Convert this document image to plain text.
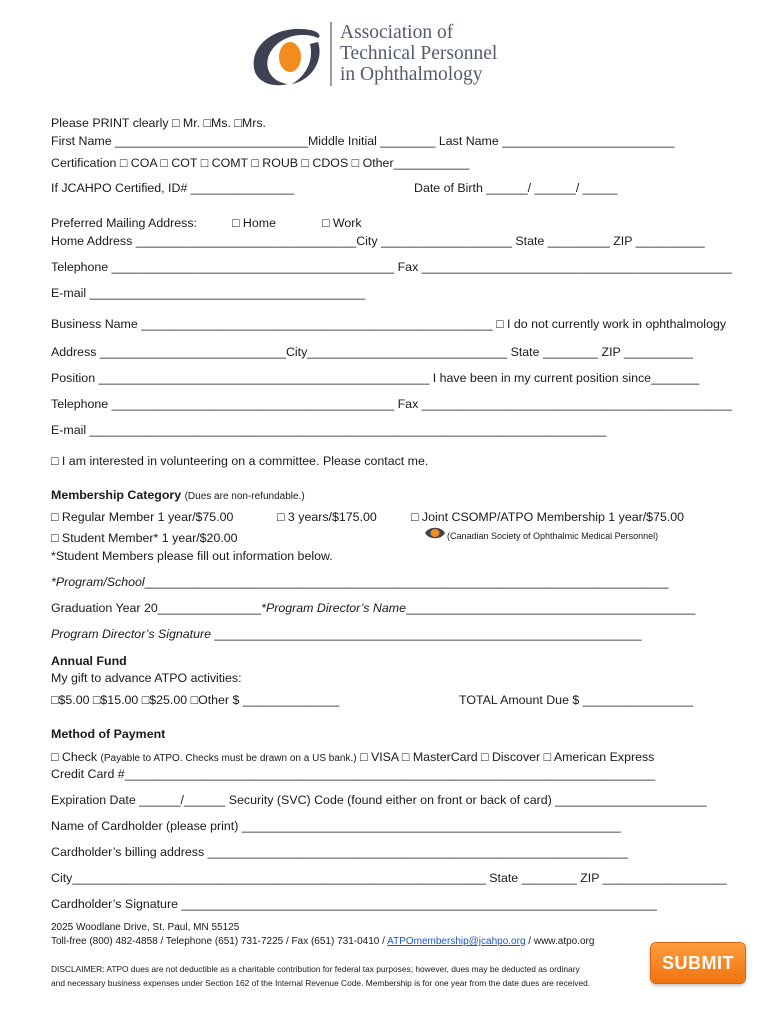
Association of
Technical Personnel
in Ophthalmology
Please PRINT clearly □ Mr. □Ms. □Mrs.
First Name ____________________________Middle Initial ________ Last Name _________________________
Certification □ COA □ COT □ COMT □ ROUB □ CDOS □ Other___________
If JCAHPO Certified, ID# _______________	Date of Birth ______/ ______/ _____
Preferred Mailing Address:	□ Home	□ Work
Home Address ________________________________City ___________________ State _________ ZIP __________
Telephone _________________________________________ Fax _____________________________________________
E-mail ________________________________________
Business Name ___________________________________________________ □ I do not currently work in ophthalmology
Address ___________________________City_____________________________ State ________ ZIP __________
Position ________________________________________________ I have been in my current position since_______
Telephone _________________________________________ Fax _____________________________________________
E-mail ___________________________________________________________________________
□ I am interested in volunteering on a committee. Please contact me.
Membership Category (Dues are non-refundable.)
□ Regular Member 1 year/$75.00	□ 3 years/$175.00	□ Joint CSOMP/ATPO Membership 1 year/$75.00
□ Student Member* 1 year/$20.00	(Canadian Society of Ophthalmic Medical Personnel)
*Student Members please fill out information below.
*Program/School____________________________________________________________________________
Graduation Year 20_______________*Program Director’s Name__________________________________________
Program Director’s Signature ______________________________________________________________
Annual Fund
My gift to advance ATPO activities:
□$5.00 □$15.00 □$25.00 □Other $ ______________	TOTAL Amount Due $ ________________
Method of Payment
□ Check (Payable to ATPO. Checks must be drawn on a US bank.) □ VISA □ MasterCard □ Discover □ American Express
Credit Card #_____________________________________________________________________________
Expiration Date ______/______ Security (SVC) Code (found either on front or back of card) ______________________
Name of Cardholder (please print) _______________________________________________________
Cardholder’s billing address _____________________________________________________________
City____________________________________________________________ State ________ ZIP __________________
Cardholder’s Signature _____________________________________________________________________
2025 Woodlane Drive, St. Paul, MN 55125
Toll-free (800) 482-4858 / Telephone (651) 731-7225 / Fax (651) 731-0410 / ATPOmembership@jcahpo.org / www.atpo.org
DISCLAIMER: ATPO dues are not deductible as a charitable contribution for federal tax purposes; however, dues may be deducted as ordinary
and necessary business expenses under Section 162 of the Internal Revenue Code. Membership is for one year from the date dues are received.
SUBMIT
